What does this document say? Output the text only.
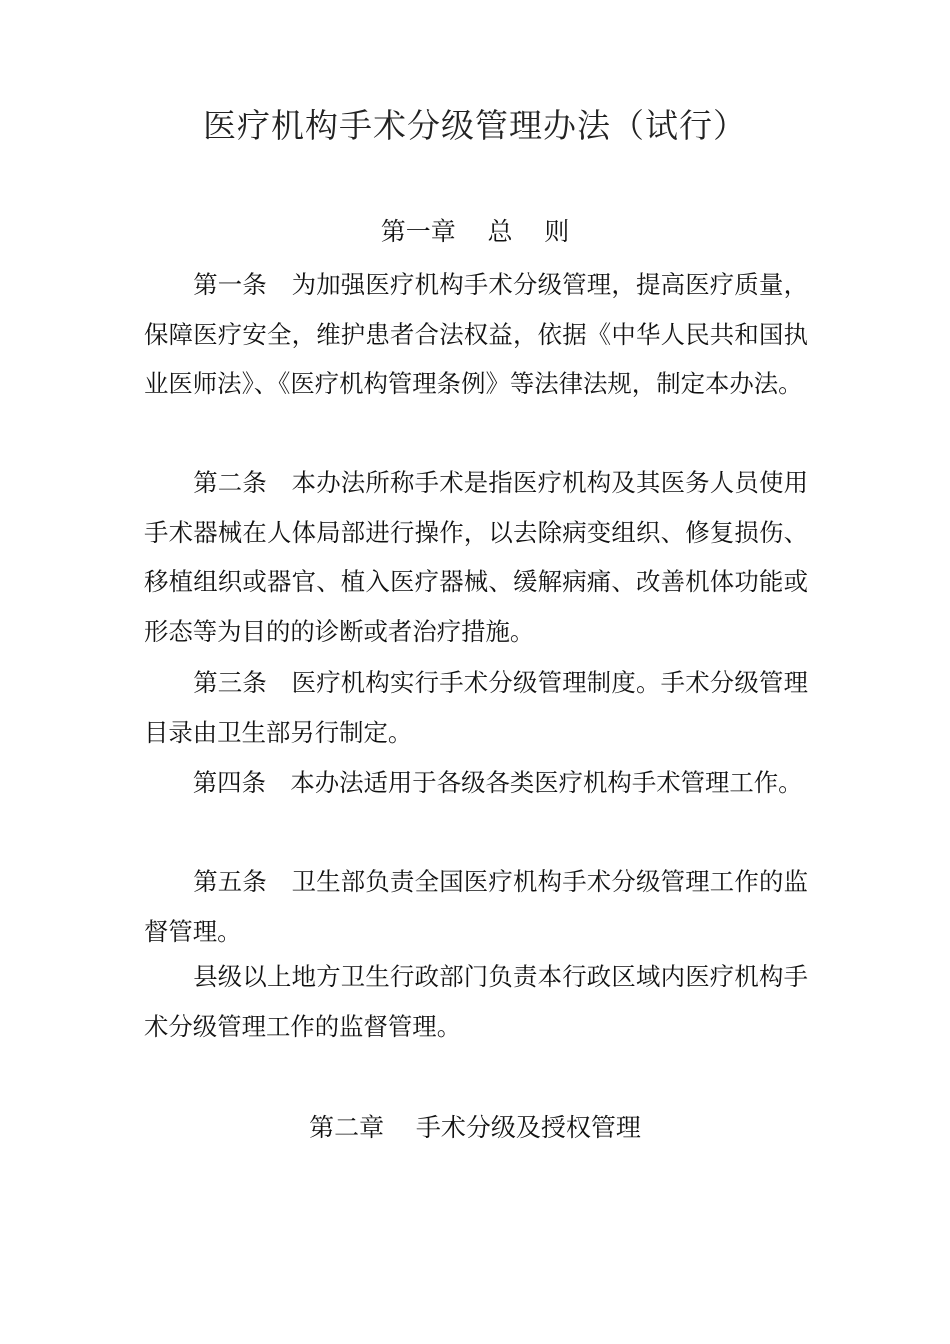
医疗机构手术分级管理办法（试行）
第一章    总    则
　　第一条　为加强医疗机构手术分级管理，提高医疗质量，保障医疗安全，维护患者合法权益，依据《中华人民共和国执业医师法》、《医疗机构管理条例》等法律法规，制定本办法。
　　第二条　本办法所称手术是指医疗机构及其医务人员使用手术器械在人体局部进行操作，以去除病变组织、修复损伤、移植组织或器官、植入医疗器械、缓解病痛、改善机体功能或形态等为目的的诊断或者治疗措施。
　　第三条　医疗机构实行手术分级管理制度。手术分级管理目录由卫生部另行制定。
　　第四条　本办法适用于各级各类医疗机构手术管理工作。
　　第五条　卫生部负责全国医疗机构手术分级管理工作的监督管理。
　　县级以上地方卫生行政部门负责本行政区域内医疗机构手术分级管理工作的监督管理。
第二章    手术分级及授权管理
